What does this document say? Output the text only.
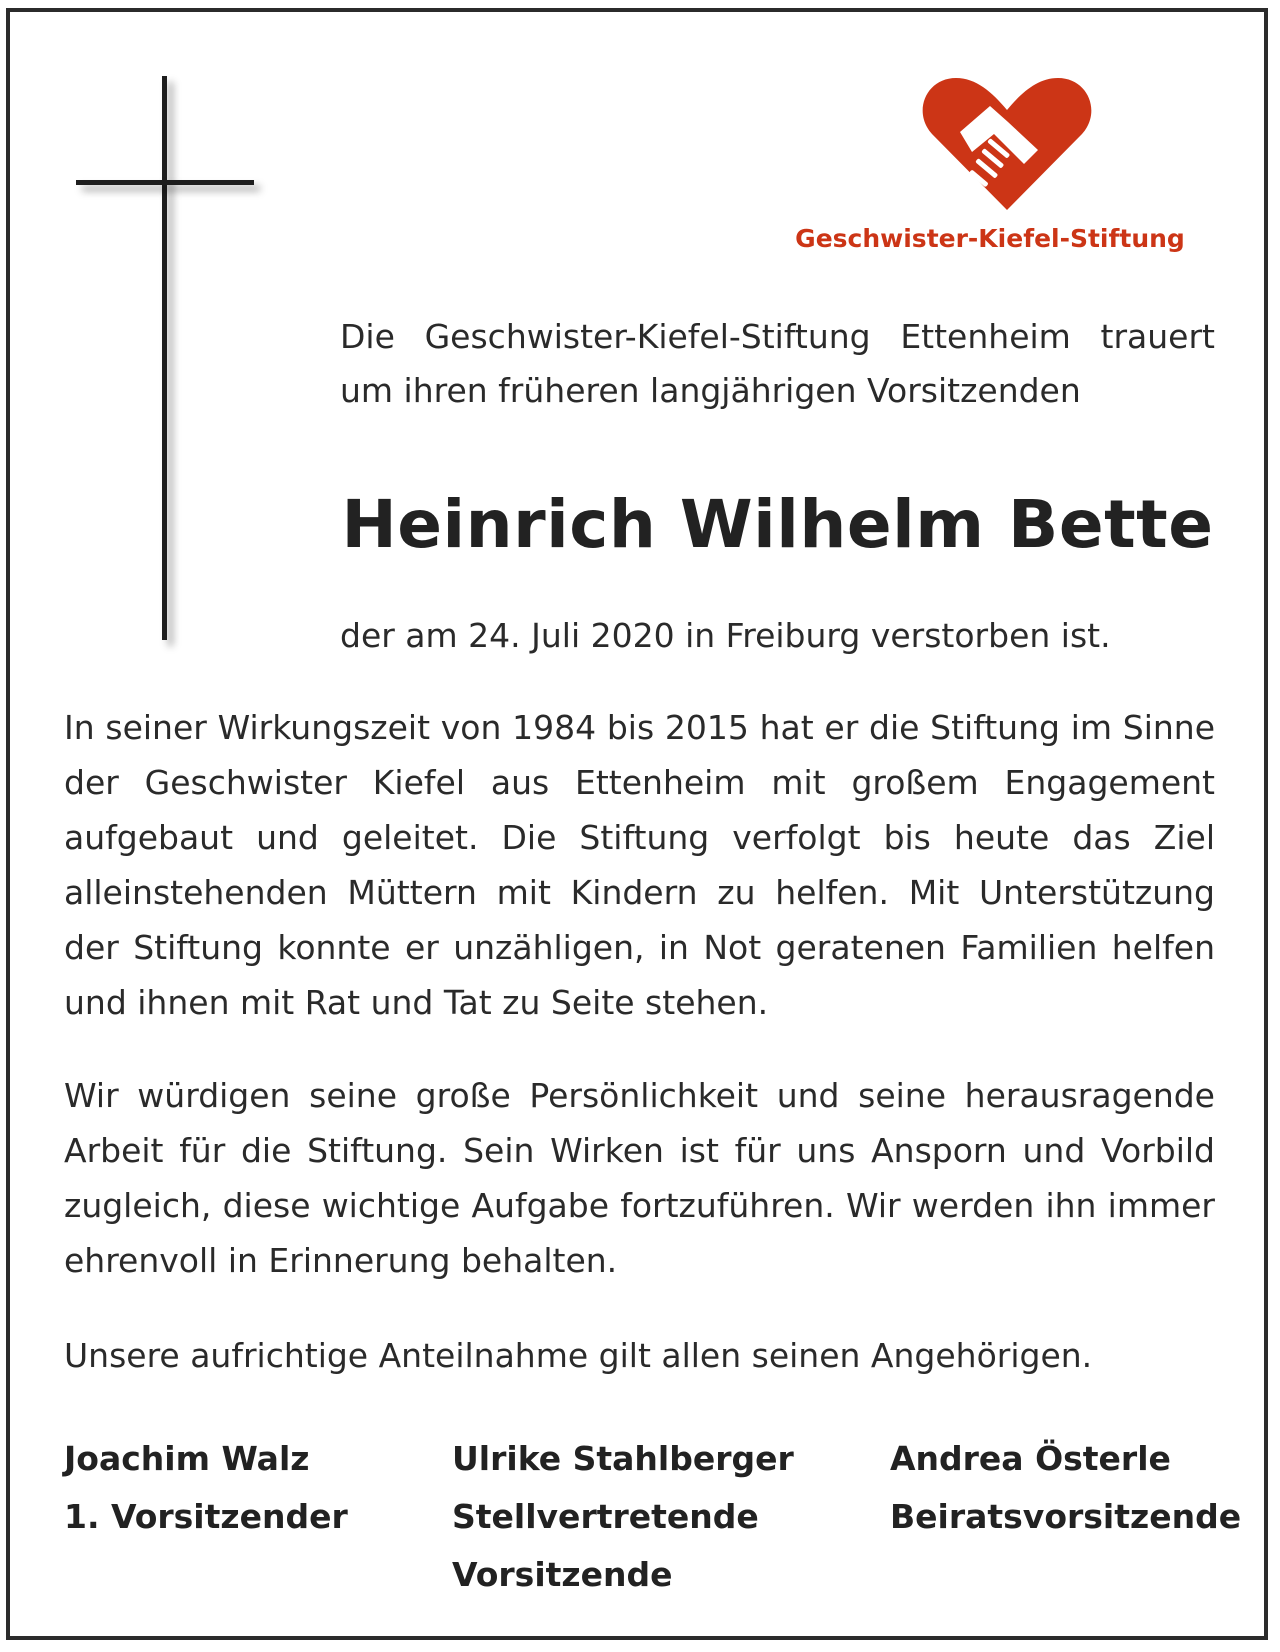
Geschwister-Kiefel-Stiftung

Die Geschwister-Kiefel-Stiftung Ettenheim trauert
um ihren früheren langjährigen Vorsitzenden

Heinrich Wilhelm Bette

der am 24. Juli 2020 in Freiburg verstorben ist.

In seiner Wirkungszeit von 1984 bis 2015 hat er die Stiftung im Sinne der Geschwister Kiefel aus Ettenheim mit großem Engagement aufgebaut und geleitet. Die Stiftung verfolgt bis heute das Ziel alleinstehenden Müttern mit Kindern zu helfen. Mit Unterstützung der Stiftung konnte er unzähligen, in Not geratenen Familien helfen und ihnen mit Rat und Tat zu Seite stehen.

Wir würdigen seine große Persönlichkeit und seine herausragende Arbeit für die Stiftung. Sein Wirken ist für uns Ansporn und Vorbild zugleich, diese wichtige Aufgabe fortzuführen. Wir werden ihn immer ehrenvoll in Erinnerung behalten.

Unsere aufrichtige Anteilnahme gilt allen seinen Angehörigen.

Joachim Walz
1. Vorsitzender
Ulrike Stahlberger
Stellvertretende
Vorsitzende
Andrea Österle
Beiratsvorsitzende
